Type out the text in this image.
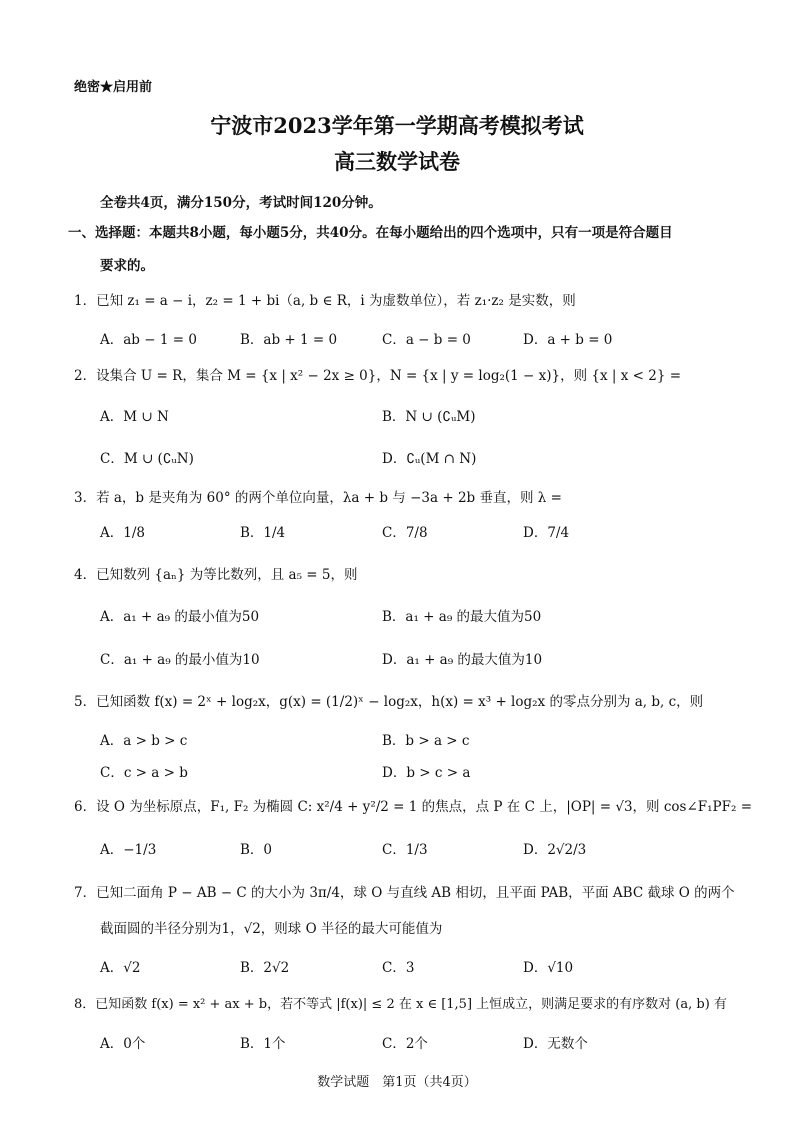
绝密★启用前
宁波市2023学年第一学期高考模拟考试
高三数学试卷
全卷共4页，满分150分，考试时间120分钟。
一、选择题：本题共8小题，每小题5分，共40分。在每小题给出的四个选项中，只有一项是符合题目
要求的。
1．已知 z₁ = a − i，z₂ = 1 + bi（a, b ∈ R，i 为虚数单位），若 z₁·z₂ 是实数，则
A．ab − 1 = 0	B．ab + 1 = 0	C．a − b = 0	D．a + b = 0
2．设集合 U = R，集合 M = {x | x² − 2x ≥ 0}，N = {x | y = log₂(1 − x)}，则 {x | x < 2} =
A．M ∪ N	B．N ∪ (∁ᵤM)
C．M ∪ (∁ᵤN)	D．∁ᵤ(M ∩ N)
3．若 a，b 是夹角为 60° 的两个单位向量，λa + b 与 −3a + 2b 垂直，则 λ =
A．1/8	B．1/4	C．7/8	D．7/4
4．已知数列 {aₙ} 为等比数列，且 a₅ = 5，则
A．a₁ + a₉ 的最小值为50	B．a₁ + a₉ 的最大值为50
C．a₁ + a₉ 的最小值为10	D．a₁ + a₉ 的最大值为10
5．已知函数 f(x) = 2ˣ + log₂x，g(x) = (1/2)ˣ − log₂x，h(x) = x³ + log₂x 的零点分别为 a, b, c，则
A．a > b > c	B．b > a > c
C．c > a > b	D．b > c > a
6．设 O 为坐标原点，F₁, F₂ 为椭圆 C: x²/4 + y²/2 = 1 的焦点，点 P 在 C 上，|OP| = √3，则 cos∠F₁PF₂ =
A．−1/3	B．0	C．1/3	D．2√2/3
7．已知二面角 P − AB − C 的大小为 3π/4，球 O 与直线 AB 相切，且平面 PAB，平面 ABC 截球 O 的两个
截面圆的半径分别为1，√2，则球 O 半径的最大可能值为
A．√2	B．2√2	C．3	D．√10
8．已知函数 f(x) = x² + ax + b，若不等式 |f(x)| ≤ 2 在 x ∈ [1,5] 上恒成立，则满足要求的有序数对 (a, b) 有
A．0个	B．1个	C．2个	D．无数个
数学试题　第1页（共4页）
